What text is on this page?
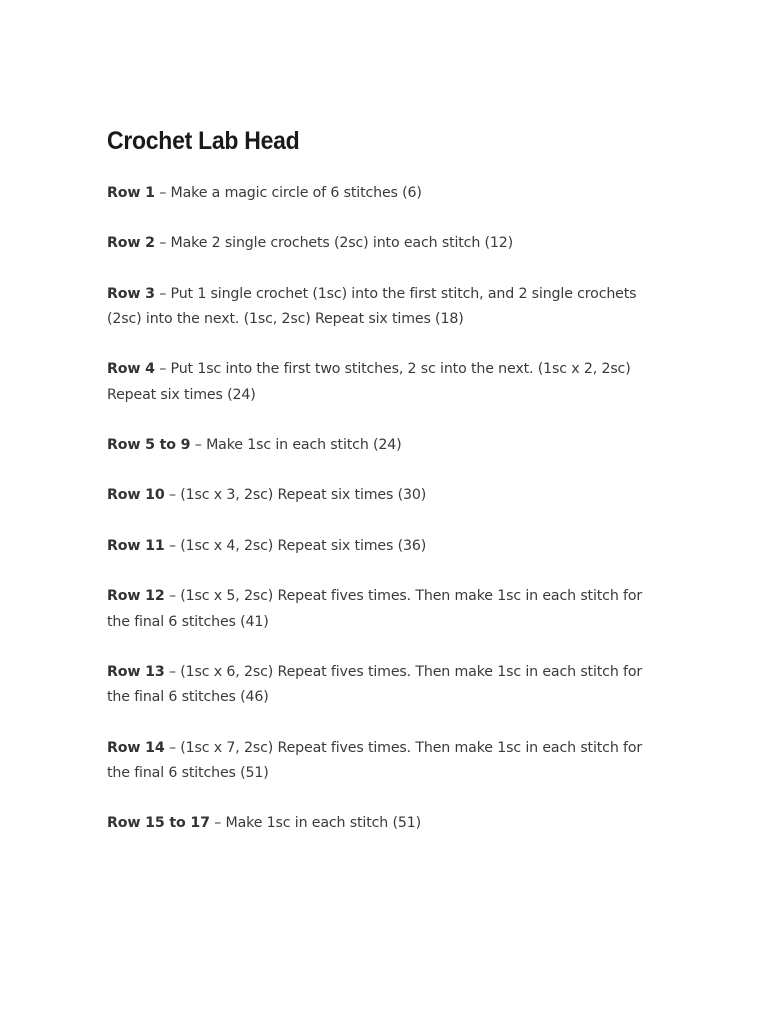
Crochet Lab Head

Row 1 – Make a magic circle of 6 stitches (6)

Row 2 – Make 2 single crochets (2sc) into each stitch (12)

Row 3 – Put 1 single crochet (1sc) into the first stitch, and 2 single crochets (2sc) into the next. (1sc, 2sc) Repeat six times (18)

Row 4 – Put 1sc into the first two stitches, 2 sc into the next. (1sc x 2, 2sc) Repeat six times (24)

Row 5 to 9 – Make 1sc in each stitch (24)

Row 10 – (1sc x 3, 2sc) Repeat six times (30)

Row 11 – (1sc x 4, 2sc) Repeat six times (36)

Row 12 – (1sc x 5, 2sc) Repeat fives times. Then make 1sc in each stitch for the final 6 stitches (41)

Row 13 – (1sc x 6, 2sc) Repeat fives times. Then make 1sc in each stitch for the final 6 stitches (46)

Row 14 – (1sc x 7, 2sc) Repeat fives times. Then make 1sc in each stitch for the final 6 stitches (51)

Row 15 to 17 – Make 1sc in each stitch (51)
